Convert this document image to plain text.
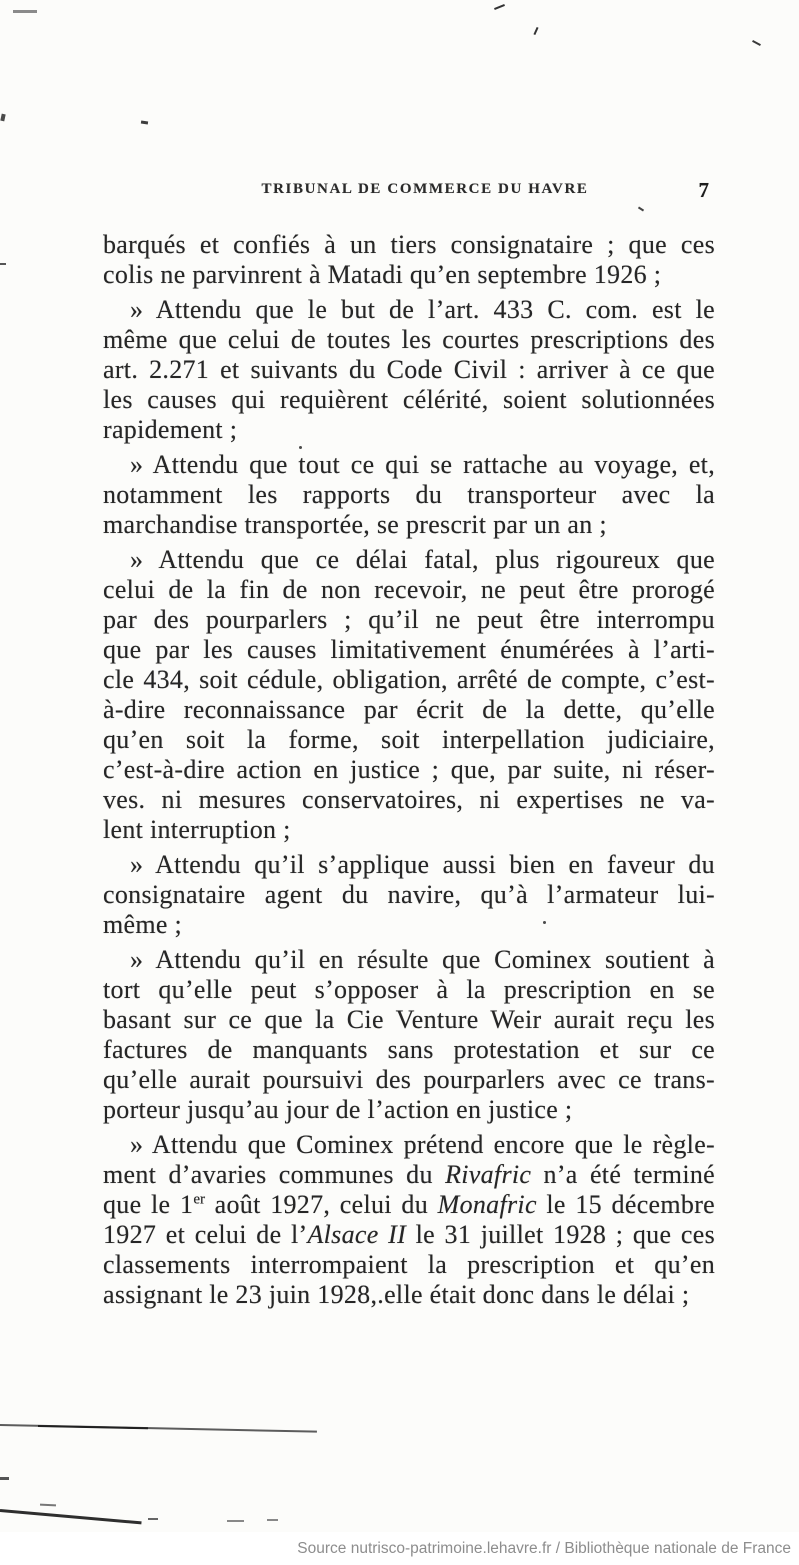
TRIBUNAL DE COMMERCE DU HAVRE	7
barqués et confiés à un tiers consignataire ; que ces
colis ne parvinrent à Matadi qu’en septembre 1926 ;
» Attendu que le but de l’art. 433 C. com. est le
même que celui de toutes les courtes prescriptions des
art. 2.271 et suivants du Code Civil : arriver à ce que
les causes qui requièrent célérité, soient solutionnées
rapidement ;
» Attendu que tout ce qui se rattache au voyage, et,
notamment les rapports du transporteur avec la
marchandise transportée, se prescrit par un an ;
» Attendu que ce délai fatal, plus rigoureux que
celui de la fin de non recevoir, ne peut être prorogé
par des pourparlers ; qu’il ne peut être interrompu
que par les causes limitativement énumérées à l’arti-
cle 434, soit cédule, obligation, arrêté de compte, c’est-
à-dire reconnaissance par écrit de la dette, qu’elle
qu’en soit la forme, soit interpellation judiciaire,
c’est-à-dire action en justice ; que, par suite, ni réser-
ves. ni mesures conservatoires, ni expertises ne va-
lent interruption ;
» Attendu qu’il s’applique aussi bien en faveur du
consignataire agent du navire, qu’à l’armateur lui-
même ;
» Attendu qu’il en résulte que Cominex soutient à
tort qu’elle peut s’opposer à la prescription en se
basant sur ce que la Cie Venture Weir aurait reçu les
factures de manquants sans protestation et sur ce
qu’elle aurait poursuivi des pourparlers avec ce trans-
porteur jusqu’au jour de l’action en justice ;
» Attendu que Cominex prétend encore que le règle-
ment d’avaries communes du Rivafric n’a été terminé
que le 1er août 1927, celui du Monafric le 15 décembre
1927 et celui de l’Alsace II le 31 juillet 1928 ; que ces
classements interrompaient la prescription et qu’en
assignant le 23 juin 1928,.elle était donc dans le délai ;
Source nutrisco-patrimoine.lehavre.fr / Bibliothèque nationale de France
